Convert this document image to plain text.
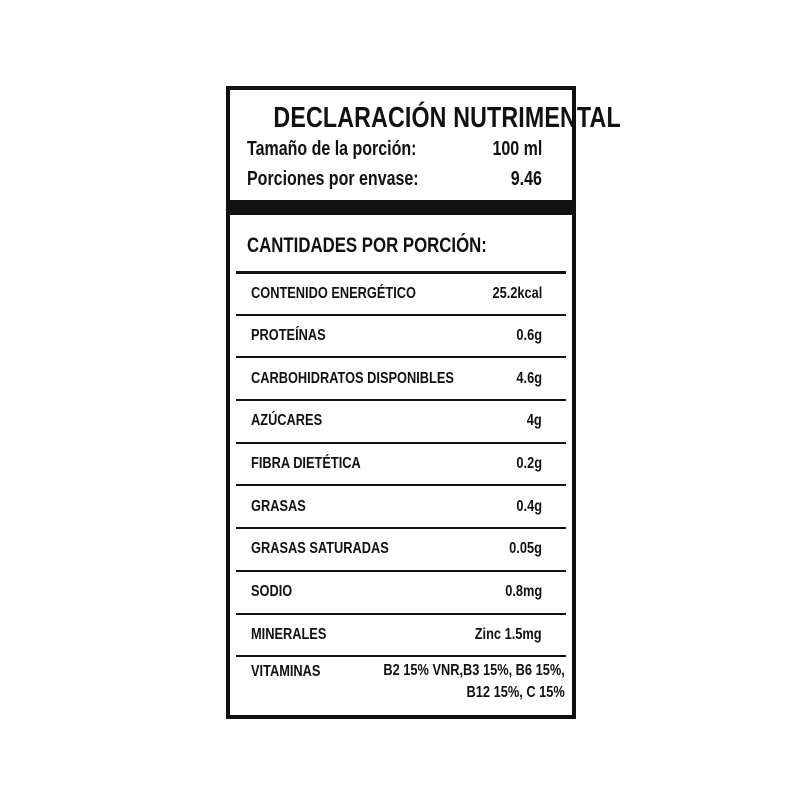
DECLARACIÓN NUTRIMENTAL
Tamaño de la porción:	100 ml
Porciones por envase:	9.46
CANTIDADES POR PORCIÓN:
CONTENIDO ENERGÉTICO	25.2kcal
PROTEÍNAS	0.6g
CARBOHIDRATOS DISPONIBLES	4.6g
AZÚCARES	4g
FIBRA DIETÉTICA	0.2g
GRASAS	0.4g
GRASAS SATURADAS	0.05g
SODIO	0.8mg
MINERALES	Zinc 1.5mg
VITAMINAS	B2 15% VNR,B3 15%, B6 15%,
B12 15%, C 15%
